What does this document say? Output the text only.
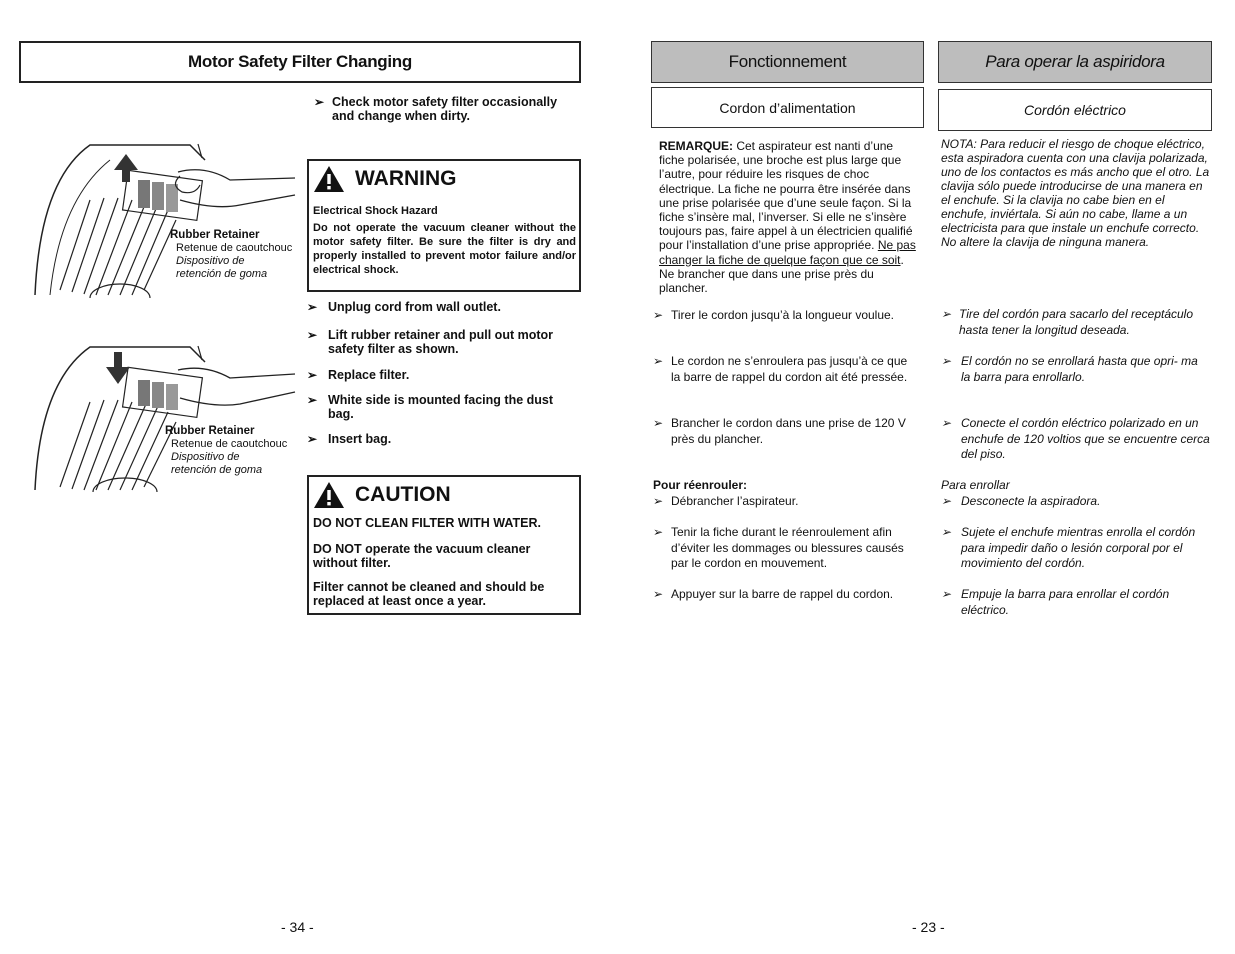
Motor Safety Filter Changing
➢ Check motor safety filter occasionally and change when dirty.
Rubber Retainer
Retenue de caoutchouc
Dispositivo de retención de goma
Rubber Retainer
Retenue de caoutchouc
Dispositivo de retención de goma
WARNING
Electrical Shock Hazard
Do not operate the vacuum cleaner without the motor safety filter. Be sure the filter is dry and properly installed to prevent motor failure and/or electrical shock.
➢ Unplug cord from wall outlet.
➢ Lift rubber retainer and pull out motor safety filter as shown.
➢ Replace filter.
➢ White side is mounted facing the dust bag.
➢ Insert bag.
CAUTION
DO NOT CLEAN FILTER WITH WATER.
DO NOT operate the vacuum cleaner without filter.
Filter cannot be cleaned and should be replaced at least once a year.
- 34 -
Fonctionnement	Para operar la aspiridora
Cordon d’alimentation	Cordón eléctrico
REMARQUE: Cet aspirateur est nanti d’une fiche polarisée, une broche est plus large que l’autre, pour réduire les risques de choc électrique. La fiche ne pourra être insérée dans une prise polarisée que d’une seule façon. Si la fiche s’insère mal, l’inverser. Si elle ne s’insère toujours pas, faire appel à un électricien qualifié pour l’installation d’une prise appropriée. Ne pas changer la fiche de quelque façon que ce soit. Ne brancher que dans une prise près du plancher.
NOTA: Para reducir el riesgo de choque eléctrico, esta aspiradora cuenta con una clavija polarizada, uno de los contactos es más ancho que el otro. La clavija sólo puede introducirse de una manera en el enchufe. Si la clavija no cabe bien en el enchufe, inviértala. Si aún no cabe, llame a un electricista para que instale un enchufe correcto. No altere la clavija de ninguna manera.
➢ Tirer le cordon jusqu’à la longueur voulue.
➢ Le cordon ne s’enroulera pas jusqu’à ce que la barre de rappel du cordon ait été pressée.
➢ Brancher le cordon dans une prise de 120 V près du plancher.
Pour réenrouler:
➢ Débrancher l’aspirateur.
➢ Tenir la fiche durant le réenroulement afin d’éviter les dommages ou blessures causés par le cordon en mouvement.
➢ Appuyer sur la barre de rappel du cordon.
➢ Tire del cordón para sacarlo del receptáculo hasta tener la longitud deseada.
➢ El cordón no se enrollará hasta que opri- ma la barra para enrollarlo.
➢ Conecte el cordón eléctrico polarizado en un enchufe de 120 voltios que se encuentre cerca del piso.
Para enrollar
➢ Desconecte la aspiradora.
➢ Sujete el enchufe mientras enrolla el cordón para impedir daño o lesión corporal por el movimiento del cordón.
➢ Empuje la barra para enrollar el cordón eléctrico.
- 23 -
